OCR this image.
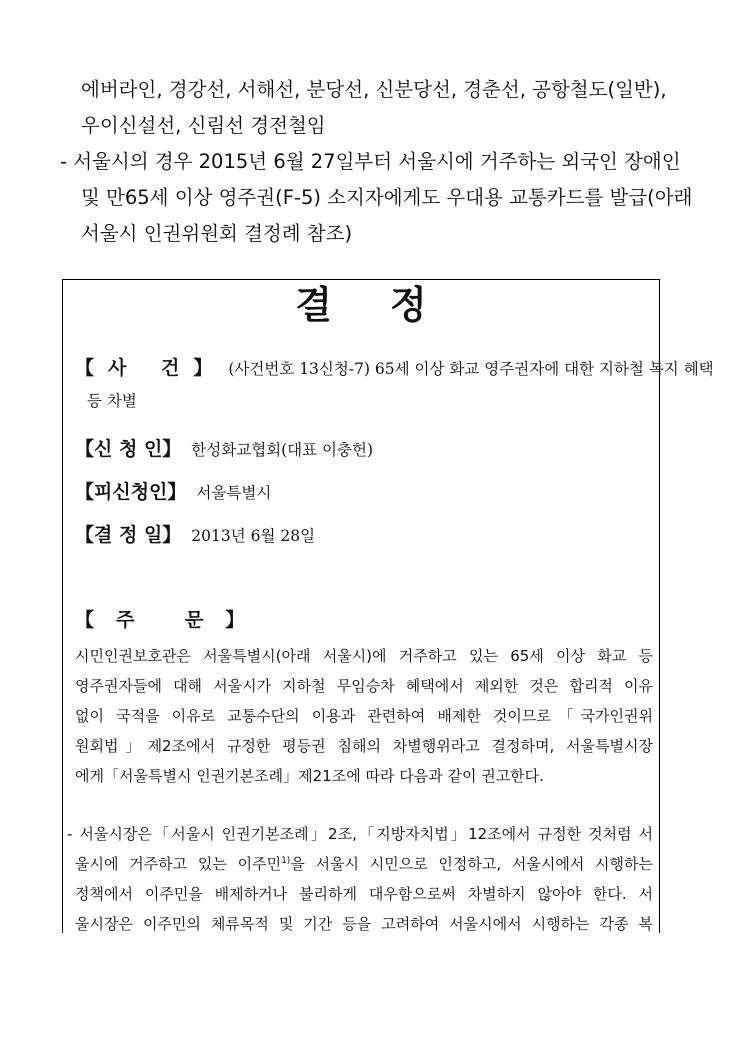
에버라인, 경강선, 서해선, 분당선, 신분당선, 경춘선, 공항철도(일반),
우이신설선, 신림선 경전철임
- 서울시의 경우 2015년 6월 27일부터 서울시에 거주하는 외국인 장애인
및 만65세 이상 영주권(F-5) 소지자에게도 우대용 교통카드를 발급(아래
서울시 인권위원회 결정례 참조)
결정
【사 건】 (사건번호 13신청-7) 65세 이상 화교 영주권자에 대한 지하철 복지 혜택
등 차별
【신 청 인】 한성화교협회(대표 이충헌)
【피신청인】 서울특별시
【결 정 일】 2013년 6월 28일
【주 문】
시민인권보호관은 서울특별시(아래 서울시)에 거주하고 있는 65세 이상 화교 등
영주권자들에 대해 서울시가 지하철 무임승차 혜택에서 제외한 것은 합리적 이유
없이 국적을 이유로 교통수단의 이용과 관련하여 배제한 것이므로「국가인권위
원회법」제2조에서 규정한 평등권 침해의 차별행위라고 결정하며, 서울특별시장
에게「서울특별시 인권기본조례」제21조에 따라 다음과 같이 권고한다.
- 서울시장은「서울시 인권기본조례」2조,「지방자치법」12조에서 규정한 것처럼 서
울시에 거주하고 있는 이주민$^{1)}$을 서울시 시민으로 인정하고, 서울시에서 시행하는
정책에서 이주민을 배제하거나 불리하게 대우함으로써 차별하지 않아야 한다. 서
울시장은 이주민의 체류목적 및 기간 등을 고려하여 서울시에서 시행하는 각종 복
